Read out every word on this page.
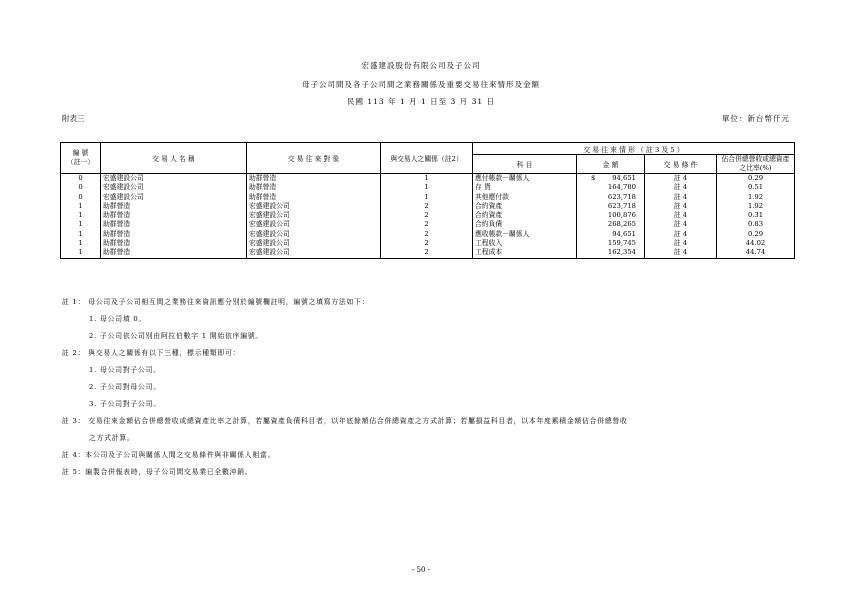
宏盛建設股份有限公司及子公司
母子公司間及各子公司間之業務關係及重要交易往來情形及金額
民國 113 年 1 月 1 日至 3 月 31 日
附表三	單位：新台幣仟元
編 號
（註一）	交 易 人 名 稱	交 易 往 來 對 象	與交易人之關係（註2）	交 易 往 來 情 形 （ 註 3 及 5 ）			
				科 目	金 額	交 易 條 件	佔合併總營收或總資產之比率(%)
0	宏盛建設公司	助群營造	1	應付帳款－關係人	$ 94,651	註 4	0.29
0	宏盛建設公司	助群營造	1	存 貨	164,780	註 4	0.51
0	宏盛建設公司	助群營造	1	其他應付款	623,718	註 4	1.92
1	助群營造	宏盛建設公司	2	合約資產	623,718	註 4	1.92
1	助群營造	宏盛建設公司	2	合約資產	100,876	註 4	0.31
1	助群營造	宏盛建設公司	2	合約負債	268,265	註 4	0.83
1	助群營造	宏盛建設公司	2	應收帳款－關係人	94,651	註 4	0.29
1	助群營造	宏盛建設公司	2	工程收入	159,745	註 4	44.02
1	助群營造	宏盛建設公司	2	工程成本	162,354	註 4	44.74
註 1： 母公司及子公司相互間之業務往來資訊應分別於編號欄註明，編號之填寫方法如下：
1. 母公司填 0。
2. 子公司依公司別由阿拉伯數字 1 開始依序編號。
註 2： 與交易人之關係有以下三種，標示種類即可：
1. 母公司對子公司。
2. 子公司對母公司。
3. 子公司對子公司。
註 3： 交易往來金額佔合併總營收或總資產比率之計算，若屬資產負債科目者，以年底餘額佔合併總資產之方式計算；若屬損益科目者，以本年度累積金額佔合併總營收
之方式計算。
註 4：本公司及子公司與關係人間之交易條件與非關係人相當。
註 5：編製合併報表時，母子公司間交易業已全數沖銷。
- 50 -
